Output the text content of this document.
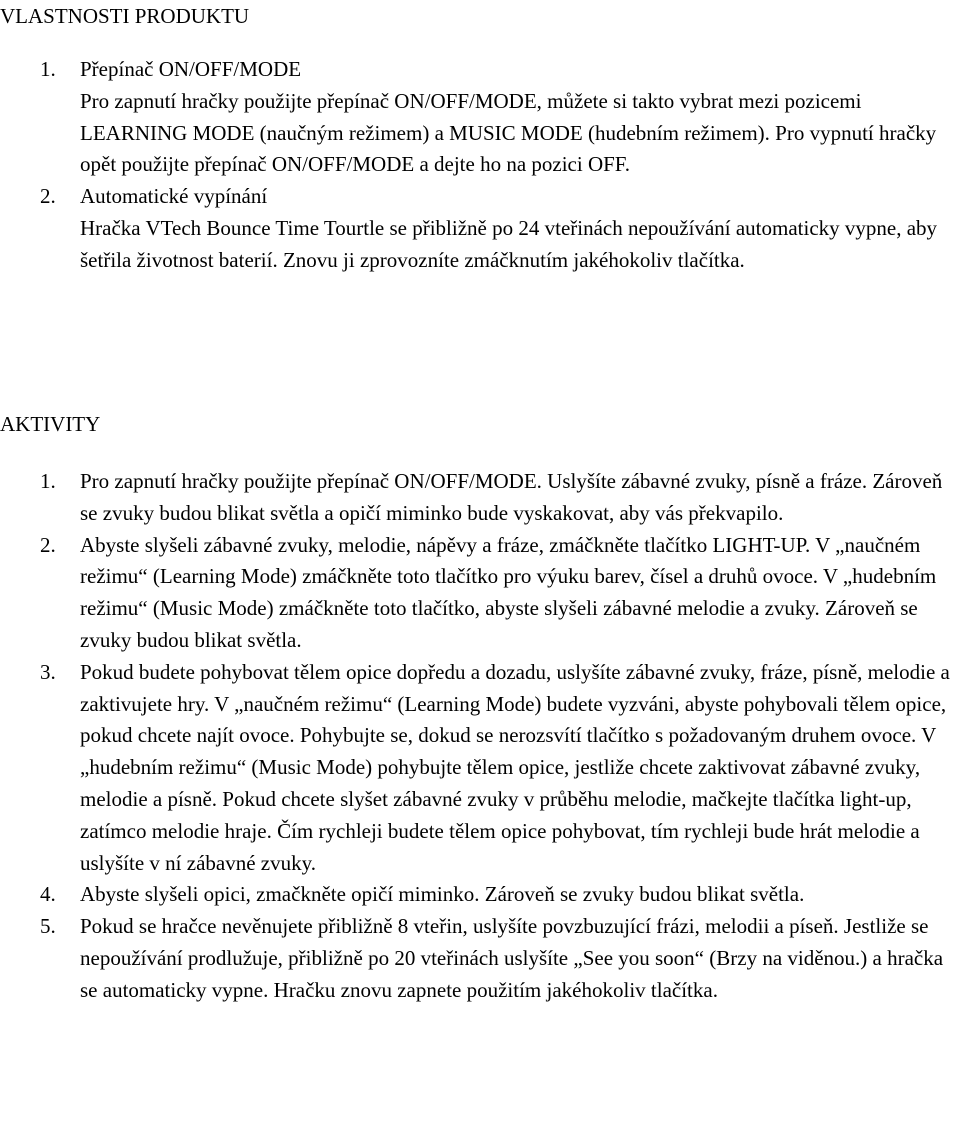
VLASTNOSTI PRODUKTU
1. Přepínač ON/OFF/MODE
Pro zapnutí hračky použijte přepínač ON/OFF/MODE, můžete si takto vybrat mezi pozicemi LEARNING MODE (naučným režimem) a MUSIC MODE (hudebním režimem). Pro vypnutí hračky opět použijte přepínač ON/OFF/MODE a dejte ho na pozici OFF.
2. Automatické vypínání
Hračka VTech Bounce Time Tourtle se přibližně po 24 vteřinách nepoužívání automaticky vypne, aby šetřila životnost baterií. Znovu ji zprovozníte zmáčknutím jakéhokoliv tlačítka.
AKTIVITY
1. Pro zapnutí hračky použijte přepínač ON/OFF/MODE. Uslyšíte zábavné zvuky, písně a fráze. Zároveň se zvuky budou blikat světla a opičí miminko bude vyskakovat, aby vás překvapilo.
2. Abyste slyšeli zábavné zvuky, melodie, nápěvy a fráze, zmáčkněte tlačítko LIGHT-UP. V „naučném režimu“ (Learning Mode) zmáčkněte toto tlačítko pro výuku barev, čísel a druhů ovoce. V „hudebním režimu“ (Music Mode) zmáčkněte toto tlačítko, abyste slyšeli zábavné melodie a zvuky. Zároveň se zvuky budou blikat světla.
3. Pokud budete pohybovat tělem opice dopředu a dozadu, uslyšíte zábavné zvuky, fráze, písně, melodie a zaktivujete hry. V „naučném režimu“ (Learning Mode) budete vyzváni, abyste pohybovali tělem opice, pokud chcete najít ovoce. Pohybujte se, dokud se nerozsvítí tlačítko s požadovaným druhem ovoce. V „hudebním režimu“ (Music Mode) pohybujte tělem opice, jestliže chcete zaktivovat zábavné zvuky, melodie a písně. Pokud chcete slyšet zábavné zvuky v průběhu melodie, mačkejte tlačítka light-up, zatímco melodie hraje. Čím rychleji budete tělem opice pohybovat, tím rychleji bude hrát melodie a uslyšíte v ní zábavné zvuky.
4. Abyste slyšeli opici, zmačkněte opičí miminko. Zároveň se zvuky budou blikat světla.
5. Pokud se hračce nevěnujete přibližně 8 vteřin, uslyšíte povzbuzující frázi, melodii a píseň. Jestliže se nepoužívání prodlužuje, přibližně po 20 vteřinách uslyšíte „See you soon“ (Brzy na viděnou.) a hračka se automaticky vypne. Hračku znovu zapnete použitím jakéhokoliv tlačítka.
